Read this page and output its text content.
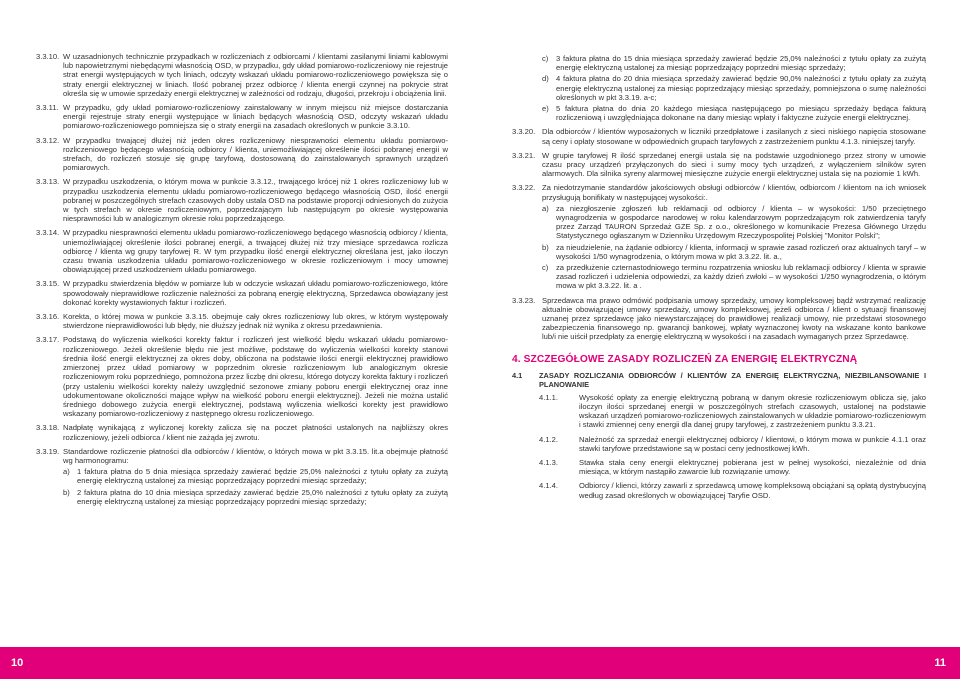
3.3.10. W uzasadnionych technicznie przypadkach w rozliczeniach z odbiorcami / klientami zasilanymi liniami kablowymi lub napowietrznymi niebędącymi własnością OSD, w przypadku, gdy układ pomiarowo-rozliczeniowy nie rejestruje strat energii występujących w tych liniach, odczyty wskazań układu pomiarowo-rozliczeniowego powiększa się o straty energii elektrycznej w liniach. Ilość pobranej przez odbiorcę / klienta energii czynnej na pokrycie strat określa się w umowie sprzedaży energii elektrycznej w zależności od rodzaju, długości, przekroju i obciążenia linii.
3.3.11. W przypadku, gdy układ pomiarowo-rozliczeniowy zainstalowany w innym miejscu niż miejsce dostarczania energii rejestruje straty energii występujące w liniach będących własnością OSD, odczyty wskazań układu pomiarowo-rozliczeniowego pomniejsza się o straty energii na zasadach określonych w punkcie 3.3.10.
3.3.12. W przypadku trwającej dłużej niż jeden okres rozliczeniowy niesprawności elementu układu pomiarowo-rozliczeniowego będącego własnością odbiorcy / klienta, uniemożliwiającej określenie ilości pobranej energii w strefach, do rozliczeń stosuje się grupę taryfową, dostosowaną do zainstalowanych sprawnych urządzeń pomiarowych.
3.3.13. W przypadku uszkodzenia, o którym mowa w punkcie 3.3.12., trwającego krócej niż 1 okres rozliczeniowy lub w przypadku uszkodzenia elementu układu pomiarowo-rozliczeniowego będącego własnością OSD, ilość energii pobranej w poszczególnych strefach czasowych doby ustala OSD na podstawie proporcji odniesionych do zużycia w tych strefach w okresie rozliczeniowym, poprzedzającym lub następującym po okresie występowania niesprawności lub w analogicznym okresie roku poprzedzającego.
3.3.14. W przypadku niesprawności elementu układu pomiarowo-rozliczeniowego będącego własnością odbiorcy / klienta, uniemożliwiającej określenie ilości pobranej energii, a trwającej dłużej niż trzy miesiące sprzedawca rozlicza odbiorcę / klienta wg grupy taryfowej R. W tym przypadku ilość energii elektrycznej określana jest, jako iloczyn czasu trwania uszkodzenia układu pomiarowo-rozliczeniowego w okresie rozliczeniowym i mocy umownej obowiązującej przed uszkodzeniem układu pomiarowego.
3.3.15. W przypadku stwierdzenia błędów w pomiarze lub w odczycie wskazań układu pomiarowo-rozliczeniowego, które spowodowały nieprawidłowe rozliczenie należności za pobraną energię elektryczną, Sprzedawca obowiązany jest dokonać korekty wystawionych faktur i rozliczeń.
3.3.16. Korekta, o której mowa w punkcie 3.3.15. obejmuje cały okres rozliczeniowy lub okres, w którym występowały stwierdzone nieprawidłowości lub błędy, nie dłuższy jednak niż wynika z okresu przedawnienia.
3.3.17. Podstawą do wyliczenia wielkości korekty faktur i rozliczeń jest wielkość błędu wskazań układu pomiarowo-rozliczeniowego. Jeżeli określenie błędu nie jest możliwe, podstawę do wyliczenia wielkości korekty stanowi średnia ilość energii elektrycznej za okres doby, obliczona na podstawie ilości energii elektrycznej prawidłowo zmierzonej przez układ pomiarowy w poprzednim okresie rozliczeniowym lub analogicznym okresie rozliczeniowym roku poprzedniego, pomnożona przez liczbę dni okresu, którego dotyczy korekta faktury i rozliczeń (przy ustaleniu wielkości korekty należy uwzględnić sezonowe zmiany poboru energii elektrycznej oraz inne udokumentowane okoliczności mające wpływ na wielkość poboru energii elektrycznej). Jeżeli nie można ustalić średniego dobowego zużycia energii elektrycznej, podstawą wyliczenia wielkości korekty jest prawidłowo wskazany pomiarowo-rozliczeniowy z następnego okresu rozliczeniowego.
3.3.18. Nadpłatę wynikającą z wyliczonej korekty zalicza się na poczet płatności ustalonych na najbliższy okres rozliczeniowy, jeżeli odbiorca / klient nie zażąda jej zwrotu.
3.3.19. Standardowe rozliczenie płatności dla odbiorców / klientów, o których mowa w pkt 3.3.15. lit.a obejmuje płatność wg harmonogramu:
a) 1 faktura płatna do 5 dnia miesiąca sprzedaży zawierać będzie 25,0% należności z tytułu opłaty za zużytą energię elektryczną ustalonej za miesiąc poprzedzający poprzedni miesiąc sprzedaży;
b) 2 faktura płatna do 10 dnia miesiąca sprzedaży zawierać będzie 25,0% należności z tytułu opłaty za zużytą energię elektryczną ustalonej za miesiąc poprzedzający poprzedni miesiąc sprzedaży;
c)	3 faktura płatna do 15 dnia miesiąca sprzedaży zawierać będzie 25,0% należności z tytułu opłaty za zużytą energię elektryczną ustalonej za miesiąc poprzedzający poprzedni miesiąc sprzedaży;
d) 4 faktura płatna do 20 dnia miesiąca sprzedaży zawierać będzie 90,0% należności z tytułu opłaty za zużytą energię elektryczną ustalonej za miesiąc poprzedzający miesiąc sprzedaży, pomniejszona o sumę należności określonych w pkt 3.3.19. a-c;
e) 5 faktura płatna do dnia 20 każdego miesiąca następującego po miesiącu sprzedaży będąca fakturą rozliczeniową i uwzględniająca dokonane na dany miesiąc wpłaty i faktyczne zużycie energii elektrycznej.
3.3.20. Dla odbiorców / klientów wyposażonych w liczniki przedpłatowe i zasilanych z sieci niskiego napięcia stosowane są ceny i opłaty stosowane w odpowiednich grupach taryfowych z zastrzeżeniem punktu 4.1.3. niniejszej taryfy.
3.3.21. W grupie taryfowej R ilość sprzedanej energii ustala się na podstawie uzgodnionego przez strony w umowie czasu pracy urządzeń przyłączonych do sieci i sumy mocy tych urządzeń, z wyłączeniem silników syren alarmowych. Dla silnika syreny alarmowej miesięczne zużycie energii elektrycznej ustala się na poziomie 1 kWh.
3.3.22. Za niedotrzymanie standardów jakościowych obsługi odbiorców / klientów, odbiorcom / klientom na ich wniosek przysługują bonifikaty w następującej wysokości:.
a) za niezgłoszenie zgłoszeń lub reklamacji od odbiorcy / klienta – w wysokości: 1/50 przeciętnego wynagrodzenia w gospodarce narodowej w roku kalendarzowym poprzedzającym rok zatwierdzenia taryfy przez Zarząd TAURON Sprzedaż GZE Sp. z o.o., określonego w komunikacie Prezesa Głównego Urzędu Statystycznego ogłaszanym w Dzienniku Urzędowym Rzeczypospolitej Polskiej "Monitor Polski";
b) za nieudzielenie, na żądanie odbiorcy / klienta, informacji w sprawie zasad rozliczeń oraz aktualnych taryf – w wysokości 1/50 wynagrodzenia, o którym mowa w pkt 3.3.22. lit. a.,
c)	za przedłużenie czternastodniowego terminu rozpatrzenia wniosku lub reklamacji odbiorcy / klienta w sprawie zasad rozliczeń i udzielenia odpowiedzi, za każdy dzień zwłoki – w wysokości 1/250 wynagrodzenia, o którym mowa w pkt 3.3.22. lit. a .
3.3.23. Sprzedawca ma prawo odmówić podpisania umowy sprzedaży, umowy kompleksowej bądź wstrzymać realizację aktualnie obowiązującej umowy sprzedaży, umowy kompleksowej, jeżeli odbiorca / klient o sytuacji finansowej uznanej przez sprzedawcę jako niewystarczającej do prawidłowej realizacji umowy, nie przedstawi stosownego zabezpieczenia finansowego np. gwarancji bankowej, wpłaty wyznaczonej kwoty na wskazane konto bankowe lub/i nie uiścił przedpłaty za energię elektryczną w wysokości i na zasadach wymaganych przez Sprzedawcę.
4. SZCZEGÓŁOWE ZASADY ROZLICZEŃ ZA ENERGIĘ ELEKTRYCZNĄ
4.1	ZASADY ROZLICZANIA ODBIORCÓW / KLIENTÓW ZA ENERGIĘ ELEKTRYCZNĄ, NIEZBILANSOWANIE I PLANOWANIE
4.1.1.	Wysokość opłaty za energię elektryczną pobraną w danym okresie rozliczeniowym oblicza się, jako iloczyn ilości sprzedanej energii w poszczególnych strefach czasowych, ustalonej na podstawie wskazań urządzeń pomiarowo-rozliczeniowych zainstalowanych w układzie pomiarowo-rozliczeniowym i stawki zmiennej ceny energii dla danej grupy taryfowej, z zastrzeżeniem punktu 3.3.21.
4.1.2.	Należność za sprzedaż energii elektrycznej odbiorcy / klientowi, o którym mowa w punkcie 4.1.1 oraz stawki taryfowe przedstawione są w postaci ceny jednostkowej kWh.
4.1.3.	Stawka stała ceny energii elektrycznej pobierana jest w pełnej wysokości, niezależnie od dnia miesiąca, w którym nastąpiło zawarcie lub rozwiązanie umowy.
4.1.4.	Odbiorcy / klienci, którzy zawarli z sprzedawcą umowę kompleksową obciążani są opłatą dystrybucyjną według zasad określonych w obowiązującej Taryfie OSD.
10	11
